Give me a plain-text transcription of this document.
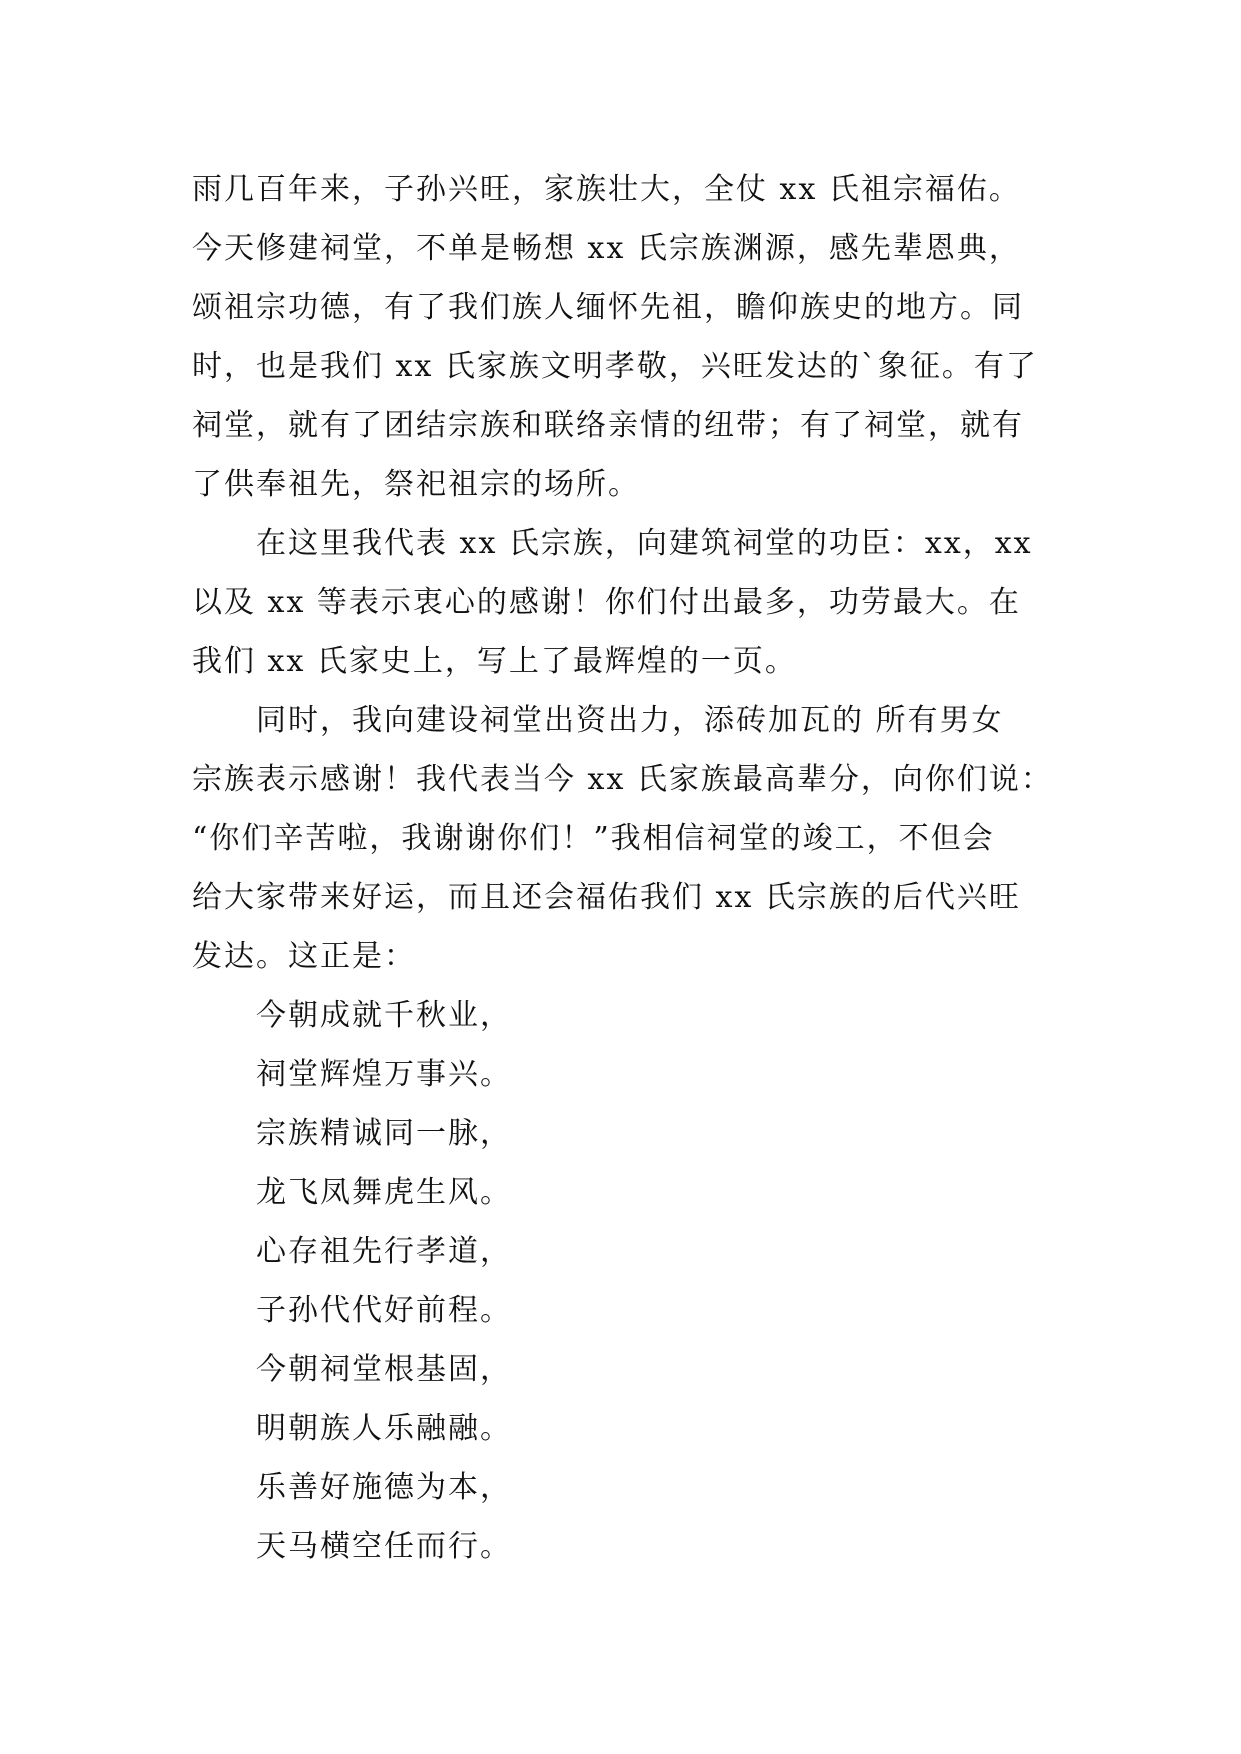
雨几百年来，子孙兴旺，家族壮大，全仗 xx 氏祖宗福佑。
今天修建祠堂，不单是畅想 xx 氏宗族渊源，感先辈恩典，
颂祖宗功德，有了我们族人缅怀先祖，瞻仰族史的地方。同
时，也是我们 xx 氏家族文明孝敬，兴旺发达的`象征。有了
祠堂，就有了团结宗族和联络亲情的纽带；有了祠堂，就有
了供奉祖先，祭祀祖宗的场所。
在这里我代表 xx 氏宗族，向建筑祠堂的功臣：xx，xx
以及 xx 等表示衷心的感谢！你们付出最多，功劳最大。在
我们 xx 氏家史上，写上了最辉煌的一页。
同时，我向建设祠堂出资出力，添砖加瓦的 所有男女
宗族表示感谢！我代表当今 xx 氏家族最高辈分，向你们说：
“你们辛苦啦，我谢谢你们！”我相信祠堂的竣工，不但会
给大家带来好运，而且还会福佑我们 xx 氏宗族的后代兴旺
发达。这正是：
今朝成就千秋业，
祠堂辉煌万事兴。
宗族精诚同一脉，
龙飞凤舞虎生风。
心存祖先行孝道，
子孙代代好前程。
今朝祠堂根基固，
明朝族人乐融融。
乐善好施德为本，
天马横空任而行。
